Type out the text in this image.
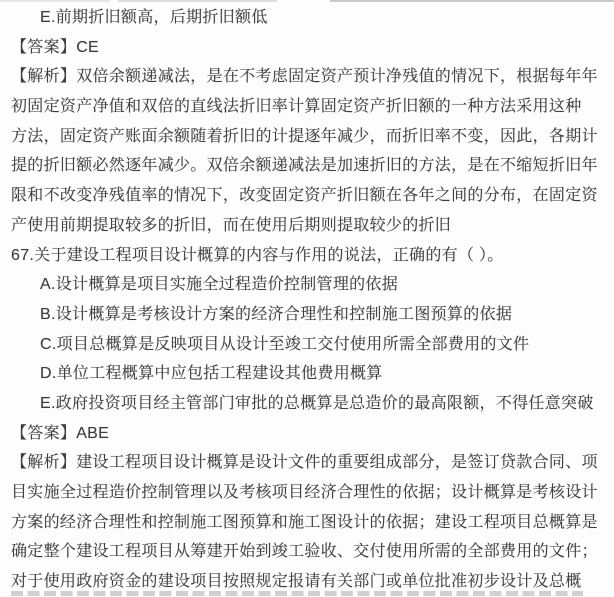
E.前期折旧额高，后期折旧额低
【答案】CE
【解析】双倍余额递减法，是在不考虑固定资产预计净残值的情况下，根据每年年
初固定资产净值和双倍的直线法折旧率计算固定资产折旧额的一种方法采用这种
方法，固定资产账面余额随着折旧的计提逐年减少，而折旧率不变，因此，各期计
提的折旧额必然逐年减少。双倍余额递减法是加速折旧的方法，是在不缩短折旧年
限和不改变净残值率的情况下，改变固定资产折旧额在各年之间的分布，在固定资
产使用前期提取较多的折旧，而在使用后期则提取较少的折旧
67.关于建设工程项目设计概算的内容与作用的说法，正确的有（ ）。
A.设计概算是项目实施全过程造价控制管理的依据
B.设计概算是考核设计方案的经济合理性和控制施工图预算的依据
C.项目总概算是反映项目从设计至竣工交付使用所需全部费用的文件
D.单位工程概算中应包括工程建设其他费用概算
E.政府投资项目经主管部门审批的总概算是总造价的最高限额，不得任意突破
【答案】ABE
【解析】建设工程项目设计概算是设计文件的重要组成部分，是签订贷款合同、项
目实施全过程造价控制管理以及考核项目经济合理性的依据；设计概算是考核设计
方案的经济合理性和控制施工图预算和施工图设计的依据；建设工程项目总概算是
确定整个建设工程项目从筹建开始到竣工验收、交付使用所需的全部费用的文件；
对于使用政府资金的建设项目按照规定报请有关部门或单位批准初步设计及总概
